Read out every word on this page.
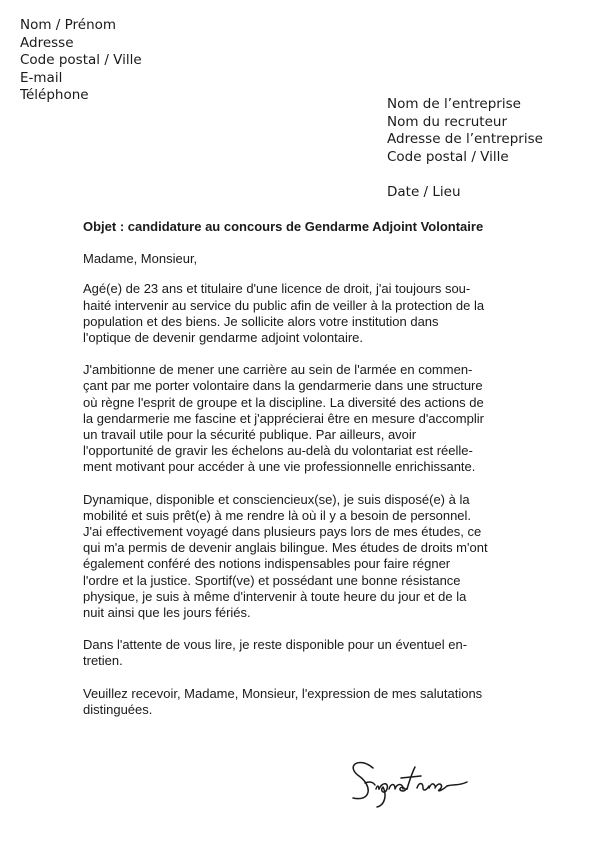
Nom / Prénom
Adresse
Code postal / Ville
E-mail
Téléphone
Nom de l’entreprise
Nom du recruteur
Adresse de l’entreprise
Code postal / Ville
Date / Lieu
Objet : candidature au concours de Gendarme Adjoint Volontaire
Madame, Monsieur,

Agé(e) de 23 ans et titulaire d'une licence de droit, j'ai toujours sou-
haité intervenir au service du public afin de veiller à la protection de la
population et des biens. Je sollicite alors votre institution dans
l'optique de devenir gendarme adjoint volontaire.

J'ambitionne de mener une carrière au sein de l'armée en commen-
çant par me porter volontaire dans la gendarmerie dans une structure
où règne l'esprit de groupe et la discipline. La diversité des actions de
la gendarmerie me fascine et j'apprécierai être en mesure d'accomplir
un travail utile pour la sécurité publique. Par ailleurs, avoir
l'opportunité de gravir les échelons au-delà du volontariat est réelle-
ment motivant pour accéder à une vie professionnelle enrichissante.

Dynamique, disponible et consciencieux(se), je suis disposé(e) à la
mobilité et suis prêt(e) à me rendre là où il y a besoin de personnel.
J'ai effectivement voyagé dans plusieurs pays lors de mes études, ce
qui m'a permis de devenir anglais bilingue. Mes études de droits m'ont
également conféré des notions indispensables pour faire régner
l'ordre et la justice. Sportif(ve) et possédant une bonne résistance
physique, je suis à même d'intervenir à toute heure du jour et de la
nuit ainsi que les jours fériés.

Dans l'attente de vous lire, je reste disponible pour un éventuel en-
tretien.

Veuillez recevoir, Madame, Monsieur, l'expression de mes salutations
distinguées.
